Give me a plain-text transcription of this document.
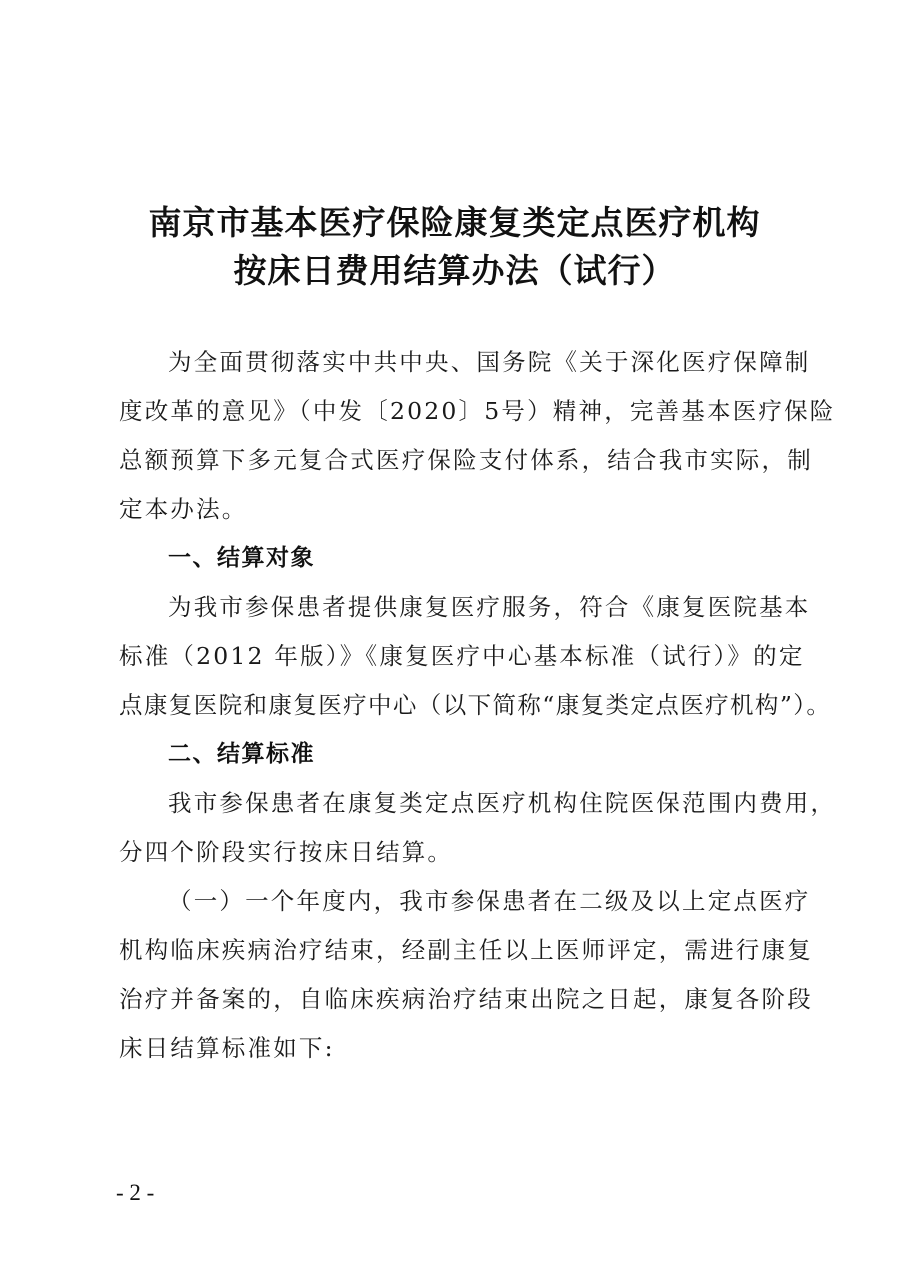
南京市基本医疗保险康复类定点医疗机构
按床日费用结算办法（试行）
为全面贯彻落实中共中央、国务院《关于深化医疗保障制
度改革的意见》（中发〔2020〕5号）精神，完善基本医疗保险
总额预算下多元复合式医疗保险支付体系，结合我市实际，制
定本办法。
一、结算对象
为我市参保患者提供康复医疗服务，符合《康复医院基本
标准（2012 年版）》《康复医疗中心基本标准（试行）》的定
点康复医院和康复医疗中心（以下简称“康复类定点医疗机构”）。
二、结算标准
我市参保患者在康复类定点医疗机构住院医保范围内费用，
分四个阶段实行按床日结算。
（一）一个年度内，我市参保患者在二级及以上定点医疗
机构临床疾病治疗结束，经副主任以上医师评定，需进行康复
治疗并备案的，自临床疾病治疗结束出院之日起，康复各阶段
床日结算标准如下:
- 2 -
